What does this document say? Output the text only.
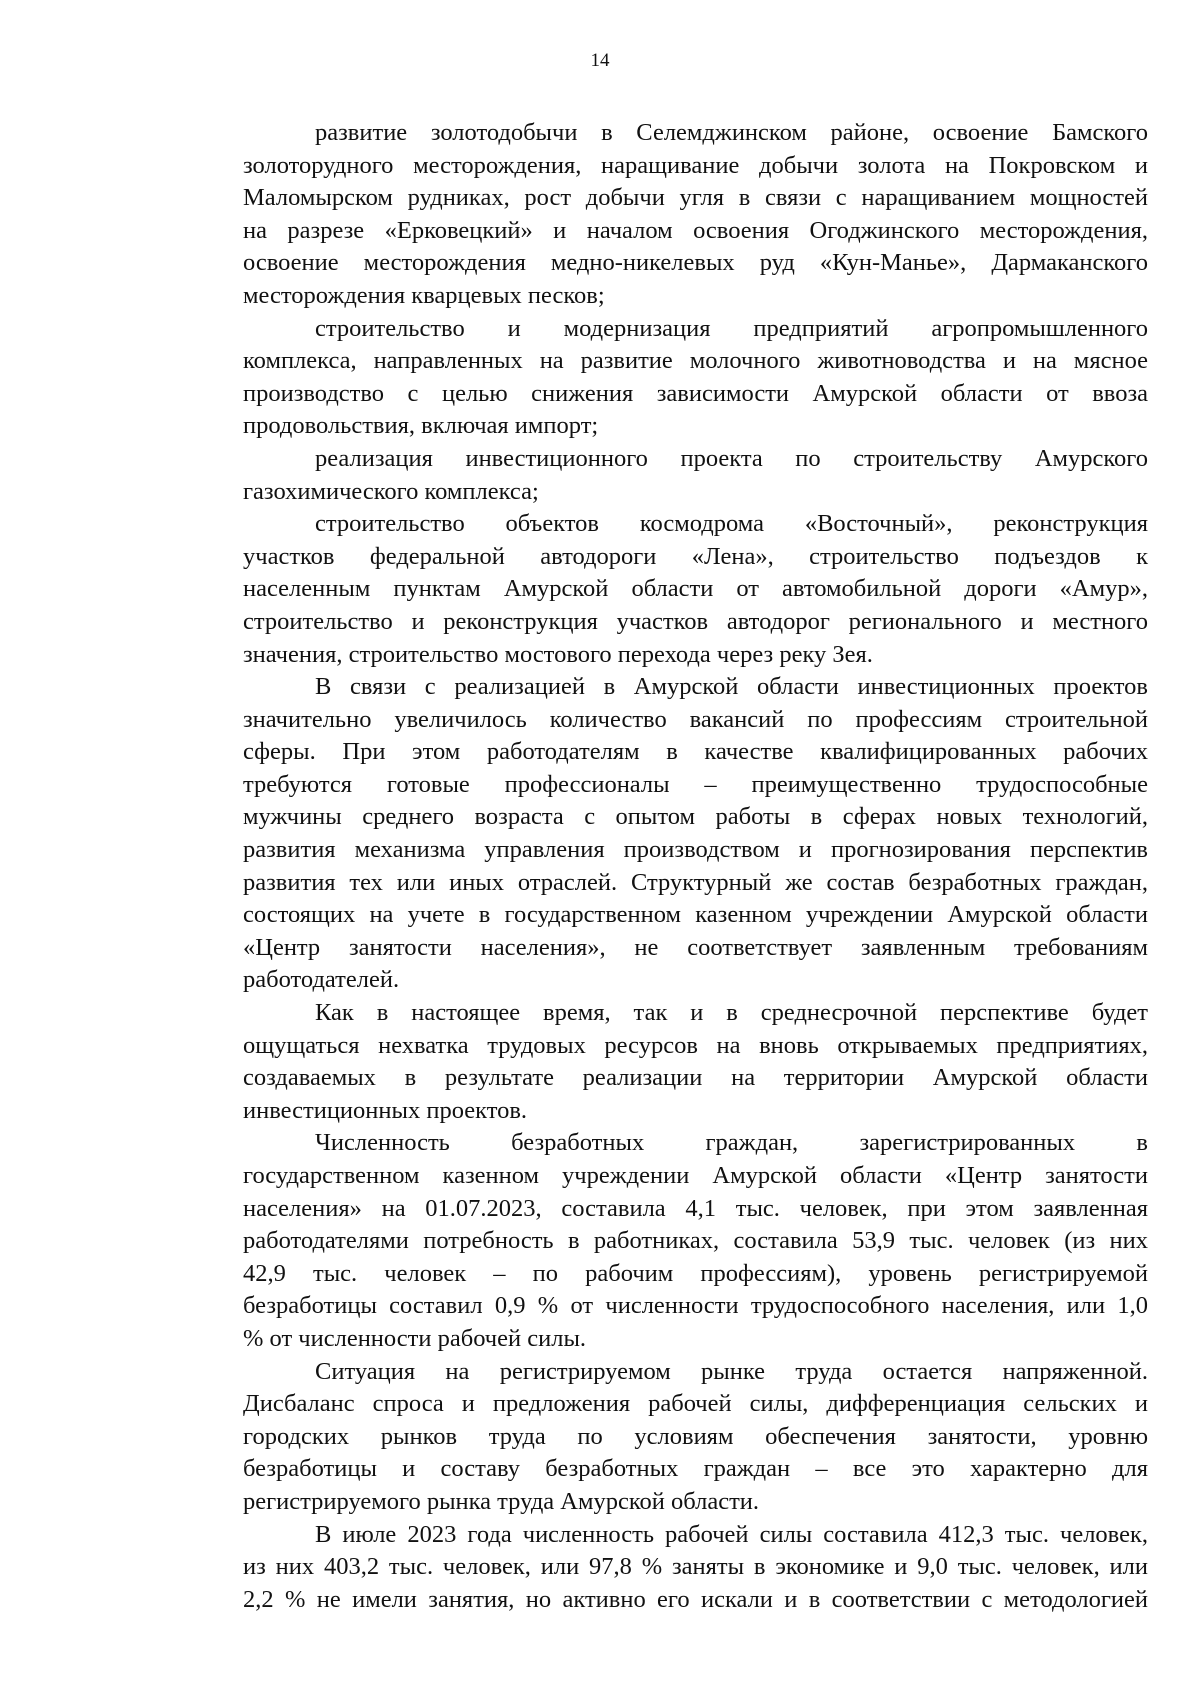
14
развитие золотодобычи в Селемджинском районе, освоение Бамского
золоторудного месторождения, наращивание добычи золота на Покровском и
Маломырском рудниках, рост добычи угля в связи с наращиванием мощностей
на разрезе «Ерковецкий» и началом освоения Огоджинского месторождения,
освоение месторождения медно-никелевых руд «Кун-Манье», Дармаканского
месторождения кварцевых песков;
строительство и модернизация предприятий агропромышленного
комплекса, направленных на развитие молочного животноводства и на мясное
производство с целью снижения зависимости Амурской области от ввоза
продовольствия, включая импорт;
реализация инвестиционного проекта по строительству Амурского
газохимического комплекса;
строительство объектов космодрома «Восточный», реконструкция
участков федеральной автодороги «Лена», строительство подъездов к
населенным пунктам Амурской области от автомобильной дороги «Амур»,
строительство и реконструкция участков автодорог регионального и местного
значения, строительство мостового перехода через реку Зея.
В связи с реализацией в Амурской области инвестиционных проектов
значительно увеличилось количество вакансий по профессиям строительной
сферы. При этом работодателям в качестве квалифицированных рабочих
требуются готовые профессионалы – преимущественно трудоспособные
мужчины среднего возраста с опытом работы в сферах новых технологий,
развития механизма управления производством и прогнозирования перспектив
развития тех или иных отраслей. Структурный же состав безработных граждан,
состоящих на учете в государственном казенном учреждении Амурской области
«Центр занятости населения», не соответствует заявленным требованиям
работодателей.
Как в настоящее время, так и в среднесрочной перспективе будет
ощущаться нехватка трудовых ресурсов на вновь открываемых предприятиях,
создаваемых в результате реализации на территории Амурской области
инвестиционных проектов.
Численность безработных граждан, зарегистрированных в
государственном казенном учреждении Амурской области «Центр занятости
населения» на 01.07.2023, составила 4,1 тыс. человек, при этом заявленная
работодателями потребность в работниках, составила 53,9 тыс. человек (из них
42,9 тыс. человек – по рабочим профессиям), уровень регистрируемой
безработицы составил 0,9 % от численности трудоспособного населения, или 1,0
% от численности рабочей силы.
Ситуация на регистрируемом рынке труда остается напряженной.
Дисбаланс спроса и предложения рабочей силы, дифференциация сельских и
городских рынков труда по условиям обеспечения занятости, уровню
безработицы и составу безработных граждан – все это характерно для
регистрируемого рынка труда Амурской области.
В июле 2023 года численность рабочей силы составила 412,3 тыс. человек,
из них 403,2 тыс. человек, или 97,8 % заняты в экономике и 9,0 тыс. человек, или
2,2 % не имели занятия, но активно его искали и в соответствии с методологией
